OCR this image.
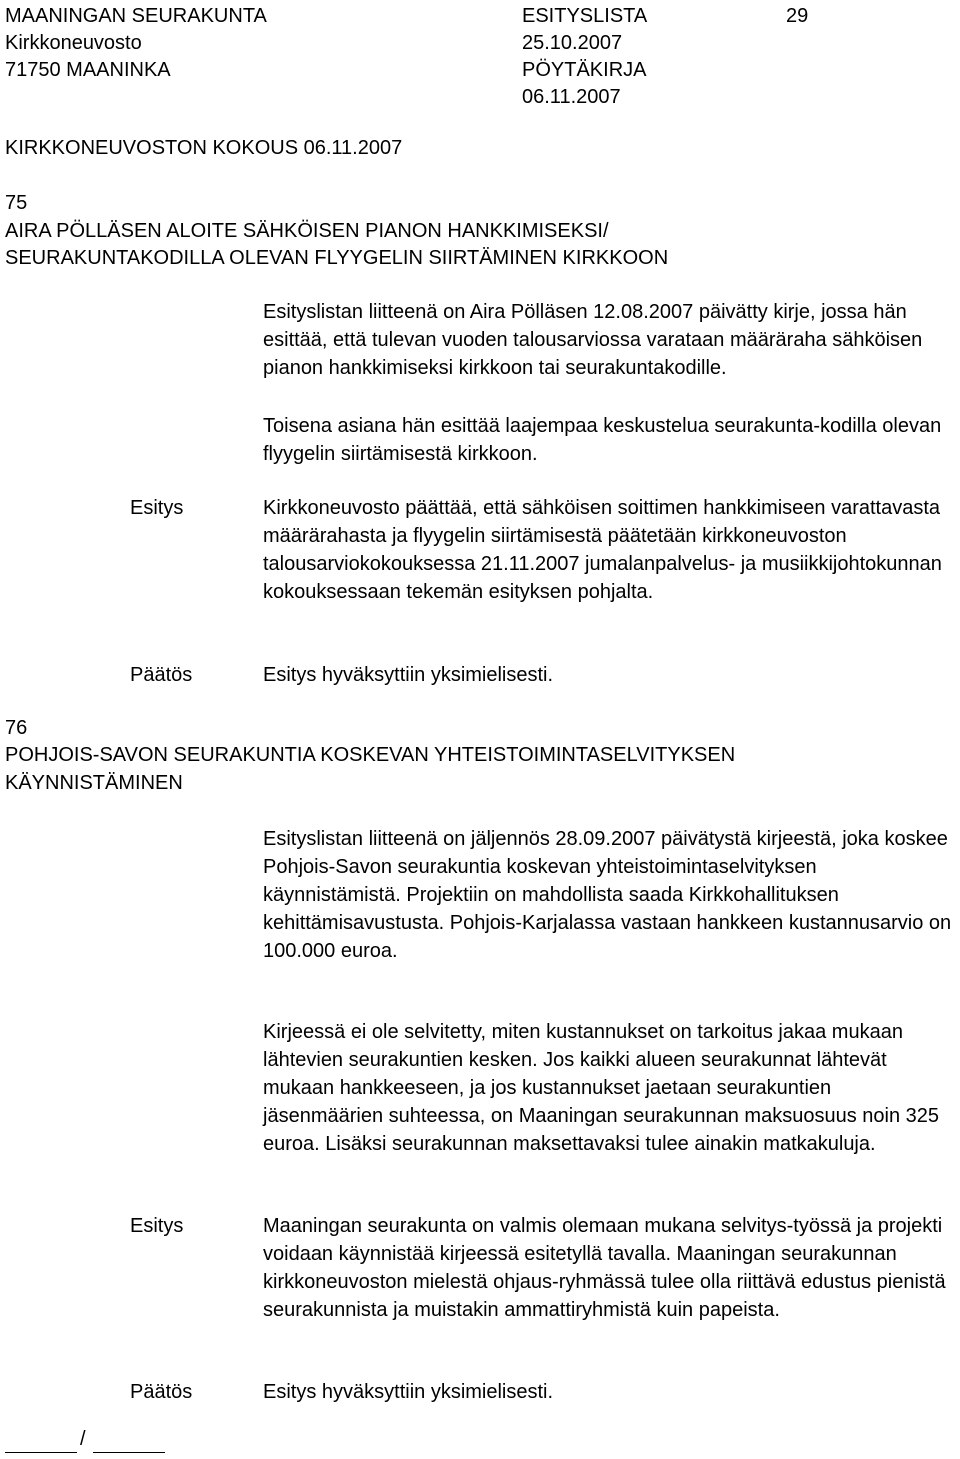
MAANINGAN SEURAKUNTA
Kirkkoneuvosto
71750 MAANINKA
ESITYSLISTA
25.10.2007
PÖYTÄKIRJA
06.11.2007
29
KIRKKONEUVOSTON KOKOUS 06.11.2007
75
AIRA PÖLLÄSEN ALOITE SÄHKÖISEN PIANON HANKKIMISEKSI/
SEURAKUNTAKODILLA OLEVAN FLYYGELIN SIIRTÄMINEN KIRKKOON
Esityslistan liitteenä on Aira Pölläsen 12.08.2007 päivätty kirje, jossa hän esittää, että tulevan vuoden talousarviossa varataan määräraha sähköisen pianon hankkimiseksi kirkkoon tai seurakuntakodille.
Toisena asiana hän esittää laajempaa keskustelua seurakunta-kodilla olevan flyygelin siirtämisestä kirkkoon.
Esitys	Kirkkoneuvosto päättää, että sähköisen soittimen hankkimiseen varattavasta määrärahasta ja flyygelin siirtämisestä päätetään kirkkoneuvoston talousarviokokouksessa 21.11.2007 jumalanpalvelus- ja musiikkijohtokunnan kokouksessaan tekemän esityksen pohjalta.
Päätös	Esitys hyväksyttiin yksimielisesti.
76
POHJOIS-SAVON SEURAKUNTIA KOSKEVAN YHTEISTOIMINTASELVITYKSEN
KÄYNNISTÄMINEN
Esityslistan liitteenä on jäljennös 28.09.2007 päivätystä kirjeestä, joka koskee Pohjois-Savon seurakuntia koskevan yhteistoimintaselvityksen käynnistämistä. Projektiin on mahdollista saada Kirkkohallituksen kehittämisavustusta. Pohjois-Karjalassa vastaan hankkeen kustannusarvio on 100.000 euroa.
Kirjeessä ei ole selvitetty, miten kustannukset on tarkoitus jakaa mukaan lähtevien seurakuntien kesken. Jos kaikki alueen seurakunnat lähtevät mukaan hankkeeseen, ja jos kustannukset jaetaan seurakuntien jäsenmäärien suhteessa, on Maaningan seurakunnan maksuosuus noin 325 euroa. Lisäksi seurakunnan maksettavaksi tulee ainakin matkakuluja.
Esitys	Maaningan seurakunta on valmis olemaan mukana selvitys-työssä ja projekti voidaan käynnistää kirjeessä esitetyllä tavalla. Maaningan seurakunnan kirkkoneuvoston mielestä ohjaus-ryhmässä tulee olla riittävä edustus pienistä seurakunnista ja muistakin ammattiryhmistä kuin papeista.
Päätös	Esitys hyväksyttiin yksimielisesti.
/
